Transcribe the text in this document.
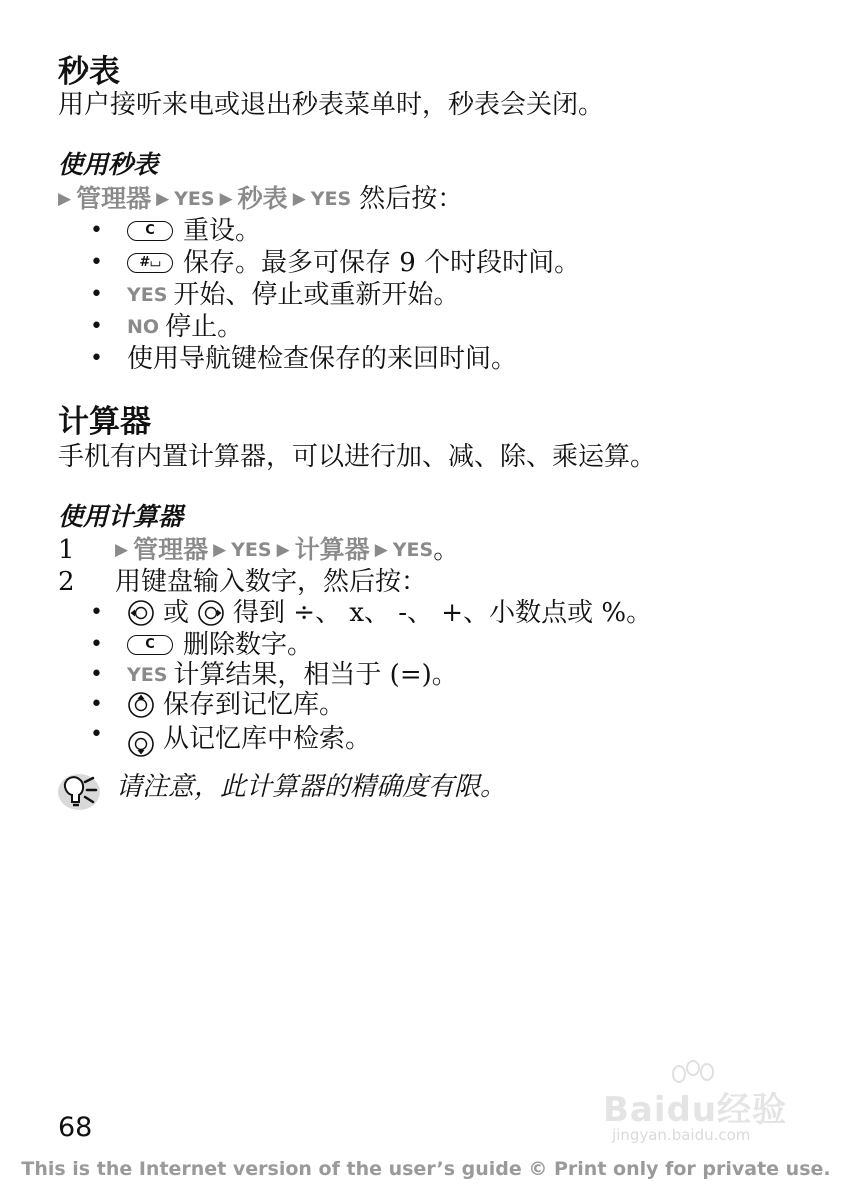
秒表
用户接听来电或退出秒表菜单时，秒表会关闭。
使用秒表
▶ 管理器 ▶ YES ▶ 秒表 ▶ YES 然后按：
•	C	重设。
•	#⌴ 保存。最多可保存 9 个时段时间。
• YES 开始、停止或重新开始。
• NO 停止。
• 使用导航键检查保存的来回时间。
计算器
手机有内置计算器，可以进行加、减、除、乘运算。
使用计算器
1 ▶ 管理器 ▶ YES ▶ 计算器 ▶ YES 。
2 用键盘输入数字，然后按：
• 或 得到 ÷、 x、 -、 +、小数点或 %。
•	C	删除数字。
• YES 计算结果，相当于 (=)。
• 保存到记忆库。
• 从记忆库中检索。
请注意，此计算器的精确度有限。
Baidu经验
jingyan.baidu.com
68
This is the Internet version of the user’s guide © Print only for private use.
